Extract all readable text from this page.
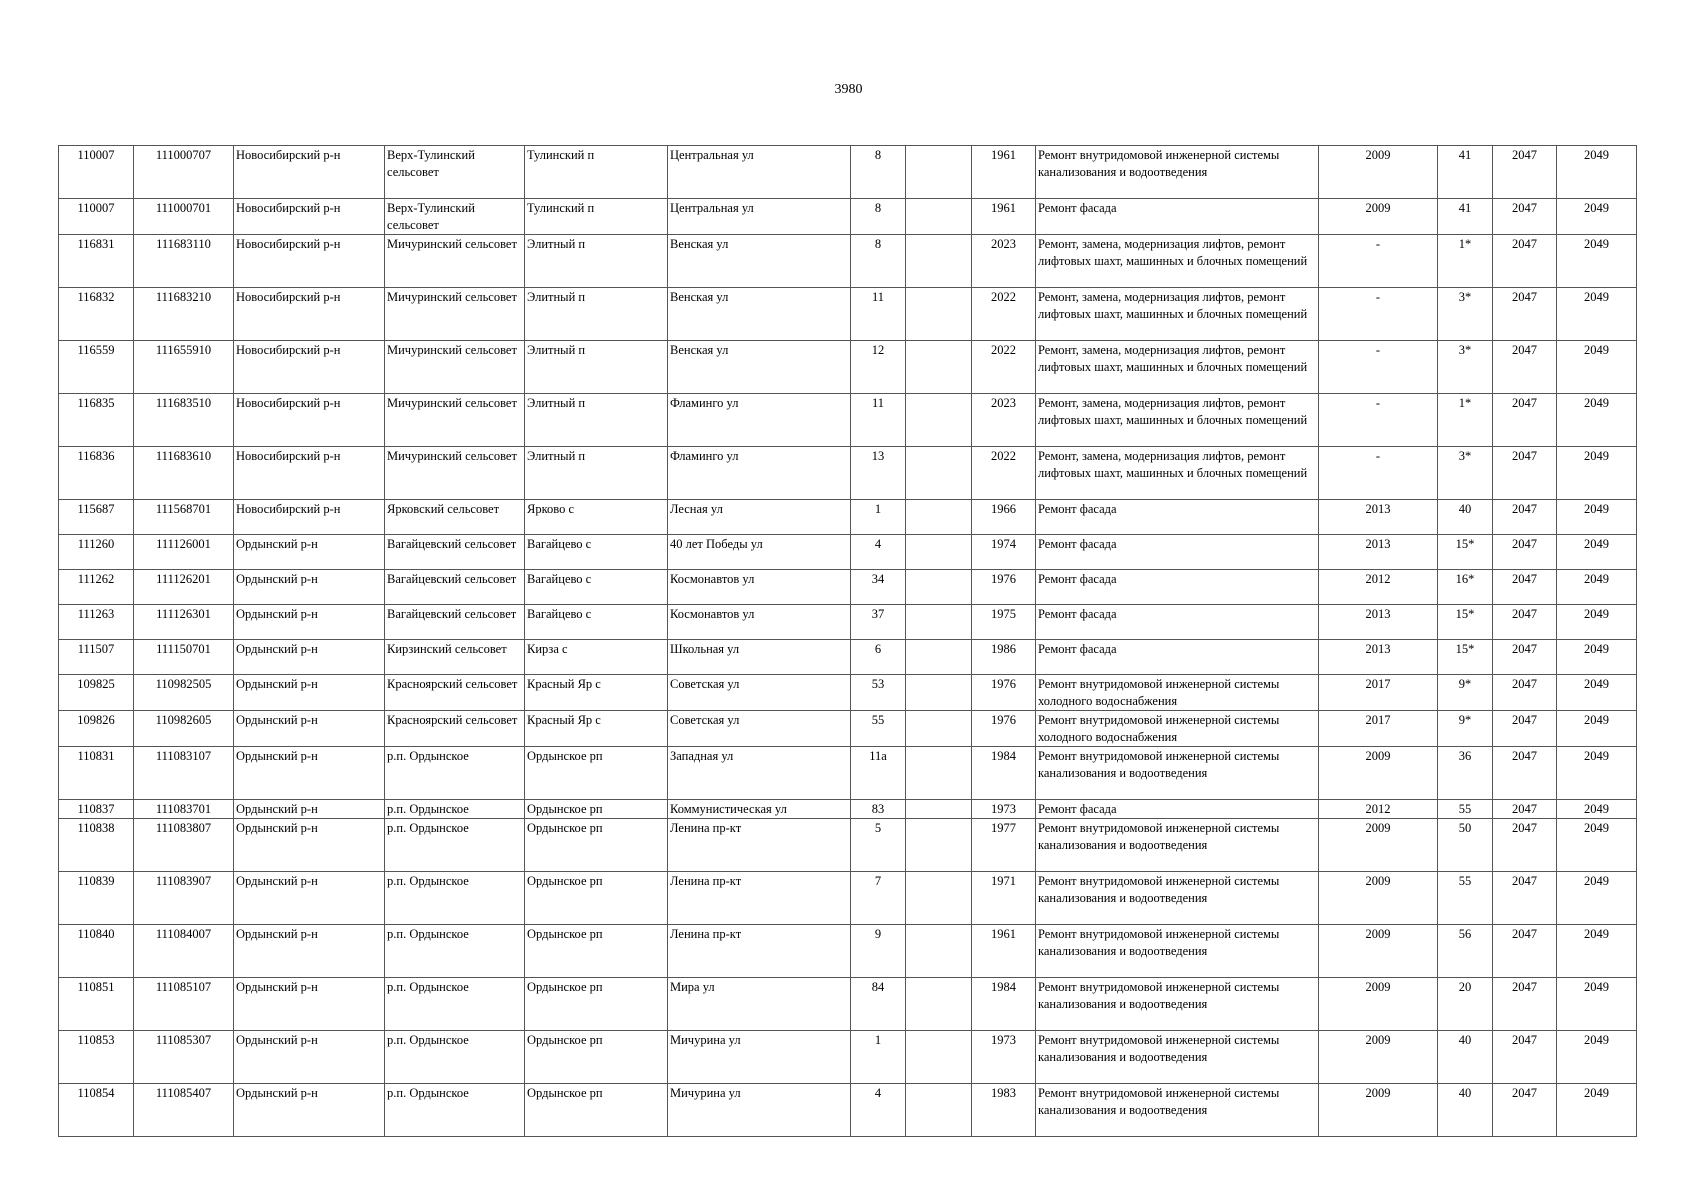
3980
110007	111000707	Новосибирский р-н	Верх-Тулинский сельсовет	Тулинский п	Центральная ул	8		1961	Ремонт внутридомовой инженерной системы канализования и водоотведения	2009	41	2047	2049
110007	111000701	Новосибирский р-н	Верх-Тулинский сельсовет	Тулинский п	Центральная ул	8		1961	Ремонт фасада	2009	41	2047	2049
116831	111683110	Новосибирский р-н	Мичуринский сельсовет	Элитный п	Венская ул	8		2023	Ремонт, замена, модернизация лифтов, ремонт лифтовых шахт, машинных и блочных помещений	-	1*	2047	2049
116832	111683210	Новосибирский р-н	Мичуринский сельсовет	Элитный п	Венская ул	11		2022	Ремонт, замена, модернизация лифтов, ремонт лифтовых шахт, машинных и блочных помещений	-	3*	2047	2049
116559	111655910	Новосибирский р-н	Мичуринский сельсовет	Элитный п	Венская ул	12		2022	Ремонт, замена, модернизация лифтов, ремонт лифтовых шахт, машинных и блочных помещений	-	3*	2047	2049
116835	111683510	Новосибирский р-н	Мичуринский сельсовет	Элитный п	Фламинго ул	11		2023	Ремонт, замена, модернизация лифтов, ремонт лифтовых шахт, машинных и блочных помещений	-	1*	2047	2049
116836	111683610	Новосибирский р-н	Мичуринский сельсовет	Элитный п	Фламинго ул	13		2022	Ремонт, замена, модернизация лифтов, ремонт лифтовых шахт, машинных и блочных помещений	-	3*	2047	2049
115687	111568701	Новосибирский р-н	Ярковский сельсовет	Ярково с	Лесная ул	1		1966	Ремонт фасада	2013	40	2047	2049
111260	111126001	Ордынский р-н	Вагайцевский сельсовет	Вагайцево с	40 лет Победы ул	4		1974	Ремонт фасада	2013	15*	2047	2049
111262	111126201	Ордынский р-н	Вагайцевский сельсовет	Вагайцево с	Космонавтов ул	34		1976	Ремонт фасада	2012	16*	2047	2049
111263	111126301	Ордынский р-н	Вагайцевский сельсовет	Вагайцево с	Космонавтов ул	37		1975	Ремонт фасада	2013	15*	2047	2049
111507	111150701	Ордынский р-н	Кирзинский сельсовет	Кирза с	Школьная ул	6		1986	Ремонт фасада	2013	15*	2047	2049
109825	110982505	Ордынский р-н	Красноярский сельсовет	Красный Яр с	Советская ул	53		1976	Ремонт внутридомовой инженерной системы холодного водоснабжения	2017	9*	2047	2049
109826	110982605	Ордынский р-н	Красноярский сельсовет	Красный Яр с	Советская ул	55		1976	Ремонт внутридомовой инженерной системы холодного водоснабжения	2017	9*	2047	2049
110831	111083107	Ордынский р-н	р.п. Ордынское	Ордынское рп	Западная ул	11а		1984	Ремонт внутридомовой инженерной системы канализования и водоотведения	2009	36	2047	2049
110837	111083701	Ордынский р-н	р.п. Ордынское	Ордынское рп	Коммунистическая ул	83		1973	Ремонт фасада	2012	55	2047	2049
110838	111083807	Ордынский р-н	р.п. Ордынское	Ордынское рп	Ленина пр-кт	5		1977	Ремонт внутридомовой инженерной системы канализования и водоотведения	2009	50	2047	2049
110839	111083907	Ордынский р-н	р.п. Ордынское	Ордынское рп	Ленина пр-кт	7		1971	Ремонт внутридомовой инженерной системы канализования и водоотведения	2009	55	2047	2049
110840	111084007	Ордынский р-н	р.п. Ордынское	Ордынское рп	Ленина пр-кт	9		1961	Ремонт внутридомовой инженерной системы канализования и водоотведения	2009	56	2047	2049
110851	111085107	Ордынский р-н	р.п. Ордынское	Ордынское рп	Мира ул	84		1984	Ремонт внутридомовой инженерной системы канализования и водоотведения	2009	20	2047	2049
110853	111085307	Ордынский р-н	р.п. Ордынское	Ордынское рп	Мичурина ул	1		1973	Ремонт внутридомовой инженерной системы канализования и водоотведения	2009	40	2047	2049
110854	111085407	Ордынский р-н	р.п. Ордынское	Ордынское рп	Мичурина ул	4		1983	Ремонт внутридомовой инженерной системы канализования и водоотведения	2009	40	2047	2049
